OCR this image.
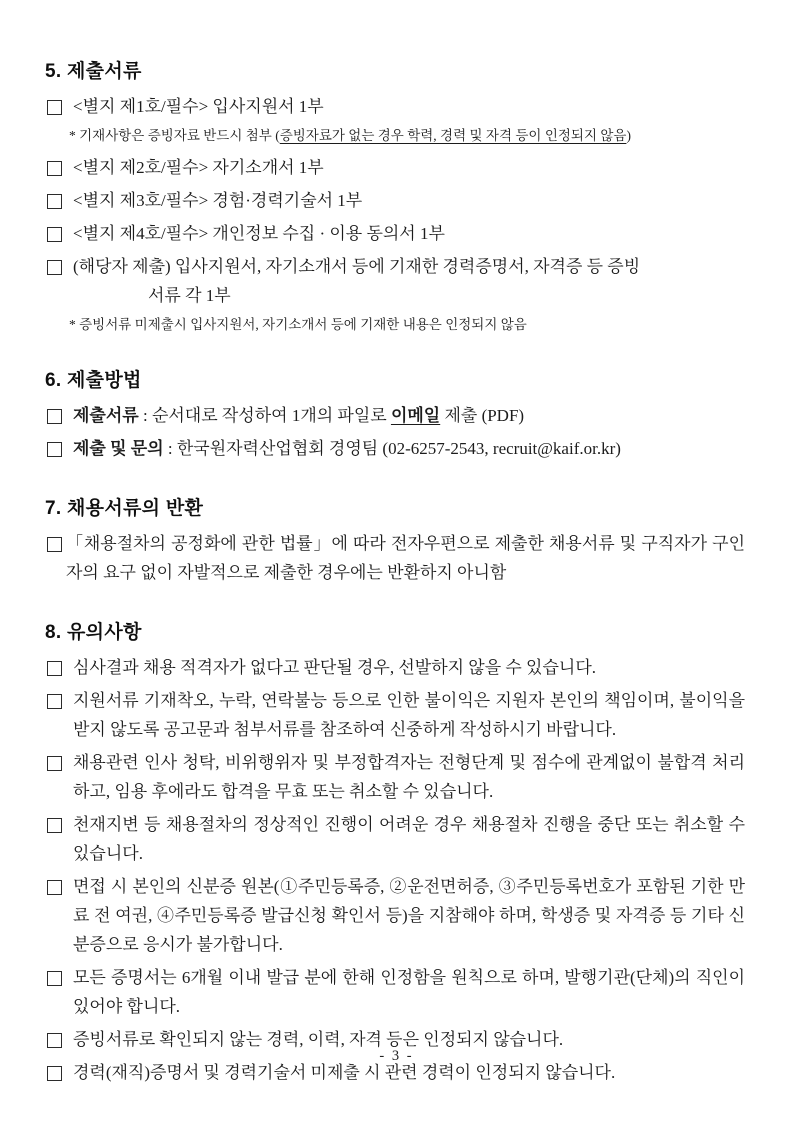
5. 제출서류
<별지 제1호/필수> 입사지원서 1부
* 기재사항은 증빙자료 반드시 첨부 (증빙자료가 없는 경우 학력, 경력 및 자격 등이 인정되지 않음)
<별지 제2호/필수> 자기소개서 1부
<별지 제3호/필수> 경험·경력기술서 1부
<별지 제4호/필수> 개인정보 수집 · 이용 동의서 1부
(해당자 제출) 입사지원서, 자기소개서 등에 기재한 경력증명서, 자격증 등 증빙
서류 각 1부
* 증빙서류 미제출시 입사지원서, 자기소개서 등에 기재한 내용은 인정되지 않음
6. 제출방법
제출서류 : 순서대로 작성하여 1개의 파일로 이메일 제출 (PDF)
제출 및 문의 : 한국원자력산업협회 경영팀 (02-6257-2543, recruit@kaif.or.kr)
7. 채용서류의 반환
「채용절차의 공정화에 관한 법률」에 따라 전자우편으로 제출한 채용서류 및 구직자가 구인자의 요구 없이 자발적으로 제출한 경우에는 반환하지 아니함
8. 유의사항
심사결과 채용 적격자가 없다고 판단될 경우, 선발하지 않을 수 있습니다.
지원서류 기재착오, 누락, 연락불능 등으로 인한 불이익은 지원자 본인의 책임이며, 불이익을 받지 않도록 공고문과 첨부서류를 참조하여 신중하게 작성하시기 바랍니다.
채용관련 인사 청탁, 비위행위자 및 부정합격자는 전형단계 및 점수에 관계없이 불합격 처리하고, 임용 후에라도 합격을 무효 또는 취소할 수 있습니다.
천재지변 등 채용절차의 정상적인 진행이 어려운 경우 채용절차 진행을 중단 또는 취소할 수 있습니다.
면접 시 본인의 신분증 원본(①주민등록증, ②운전면허증, ③주민등록번호가 포함된 기한 만료 전 여권, ④주민등록증 발급신청 확인서 등)을 지참해야 하며, 학생증 및 자격증 등 기타 신분증으로 응시가 불가합니다.
모든 증명서는 6개월 이내 발급 분에 한해 인정함을 원칙으로 하며, 발행기관(단체)의 직인이 있어야 합니다.
증빙서류로 확인되지 않는 경력, 이력, 자격 등은 인정되지 않습니다.
경력(재직)증명서 및 경력기술서 미제출 시 관련 경력이 인정되지 않습니다.
- 3 -
